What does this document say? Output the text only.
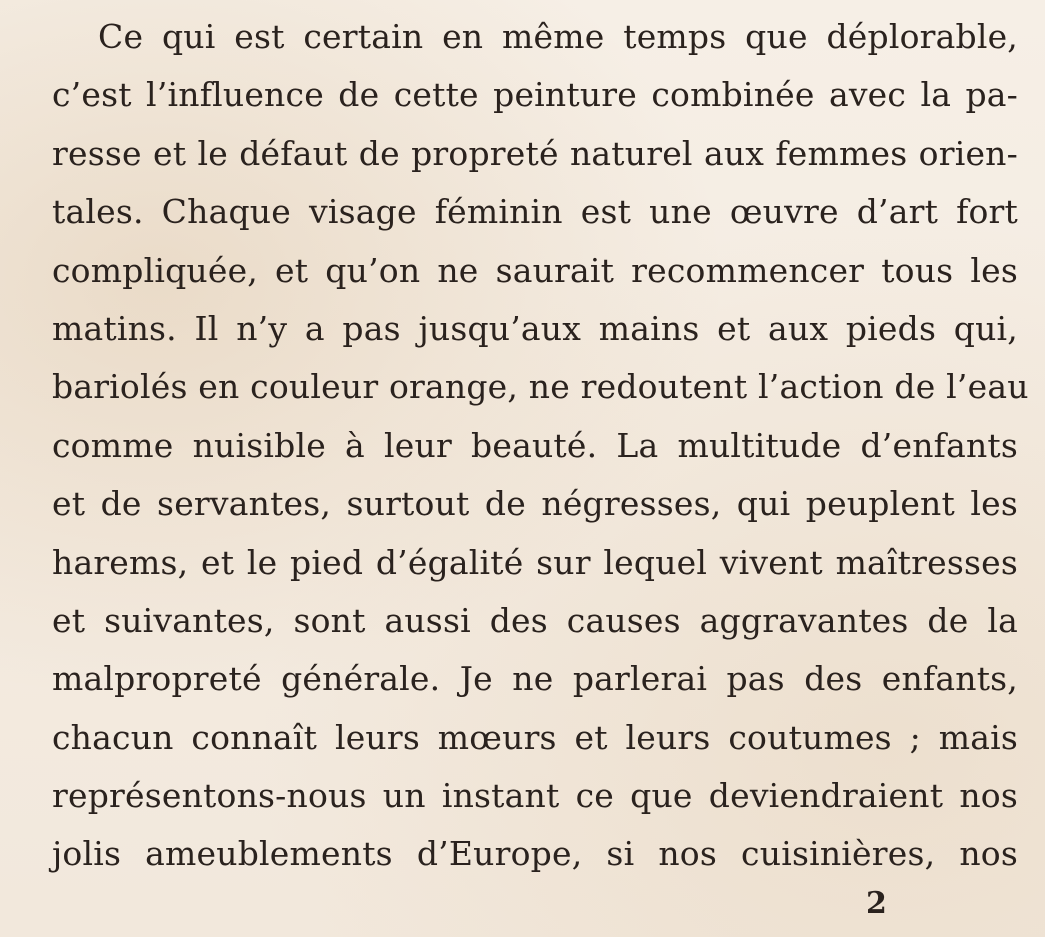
Ce qui est certain en même temps que déplorable,
c’est l’influence de cette peinture combinée avec la pa-
resse et le défaut de propreté naturel aux femmes orien-
tales. Chaque visage féminin est une œuvre d’art fort
compliquée, et qu’on ne saurait recommencer tous les
matins. Il n’y a pas jusqu’aux mains et aux pieds qui,
bariolés en couleur orange, ne redoutent l’action de l’eau
comme nuisible à leur beauté. La multitude d’enfants
et de servantes, surtout de négresses, qui peuplent les
harems, et le pied d’égalité sur lequel vivent maîtresses
et suivantes, sont aussi des causes aggravantes de la
malpropreté générale. Je ne parlerai pas des enfants,
chacun connaît leurs mœurs et leurs coutumes ; mais
représentons-nous un instant ce que deviendraient nos
jolis ameublements d’Europe, si nos cuisinières, nos
2
